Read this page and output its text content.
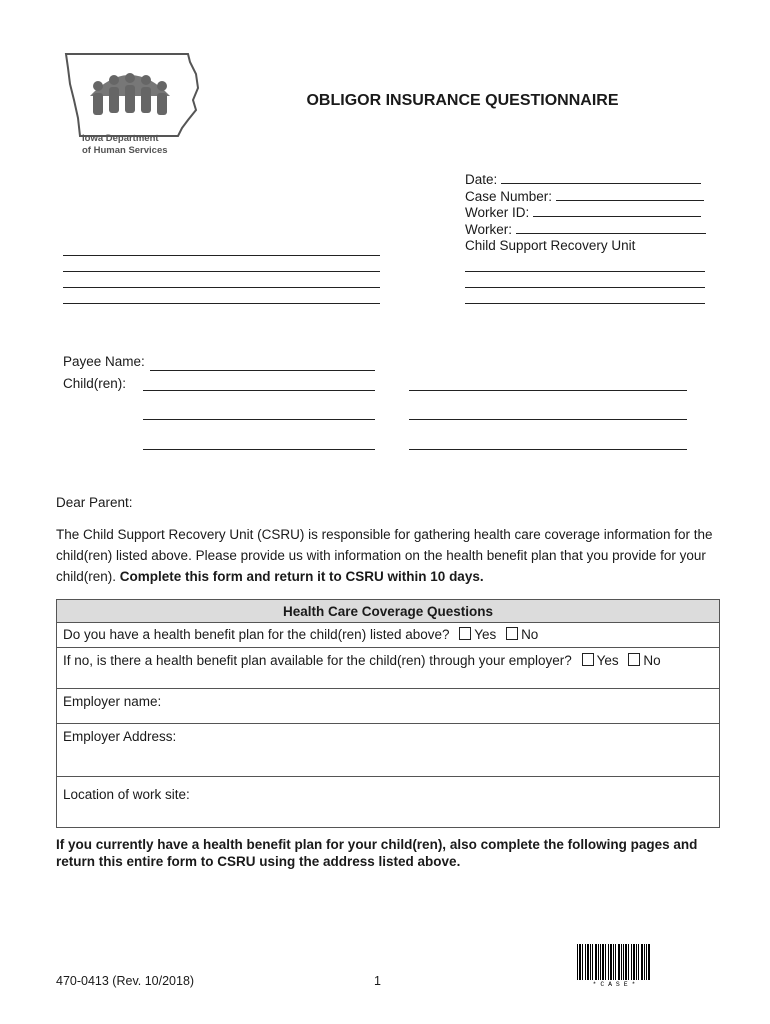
Iowa Department
of Human Services
OBLIGOR INSURANCE QUESTIONNAIRE
Date:
Case Number:
Worker ID:
Worker:
Child Support Recovery Unit
Payee Name:
Child(ren):
Dear Parent:
The Child Support Recovery Unit (CSRU) is responsible for gathering health care coverage information for the child(ren) listed above. Please provide us with information on the health benefit plan that you provide for your child(ren). Complete this form and return it to CSRU within 10 days.
Health Care Coverage Questions
Do you have a health benefit plan for the child(ren) listed above? Yes No
If no, is there a health benefit plan available for the child(ren) through your employer? Yes No
Employer name:
Employer Address:
Location of work site:
If you currently have a health benefit plan for your child(ren), also complete the following pages and return this entire form to CSRU using the address listed above.
470-0413 (Rev. 10/2018)	1	* C A S E *
